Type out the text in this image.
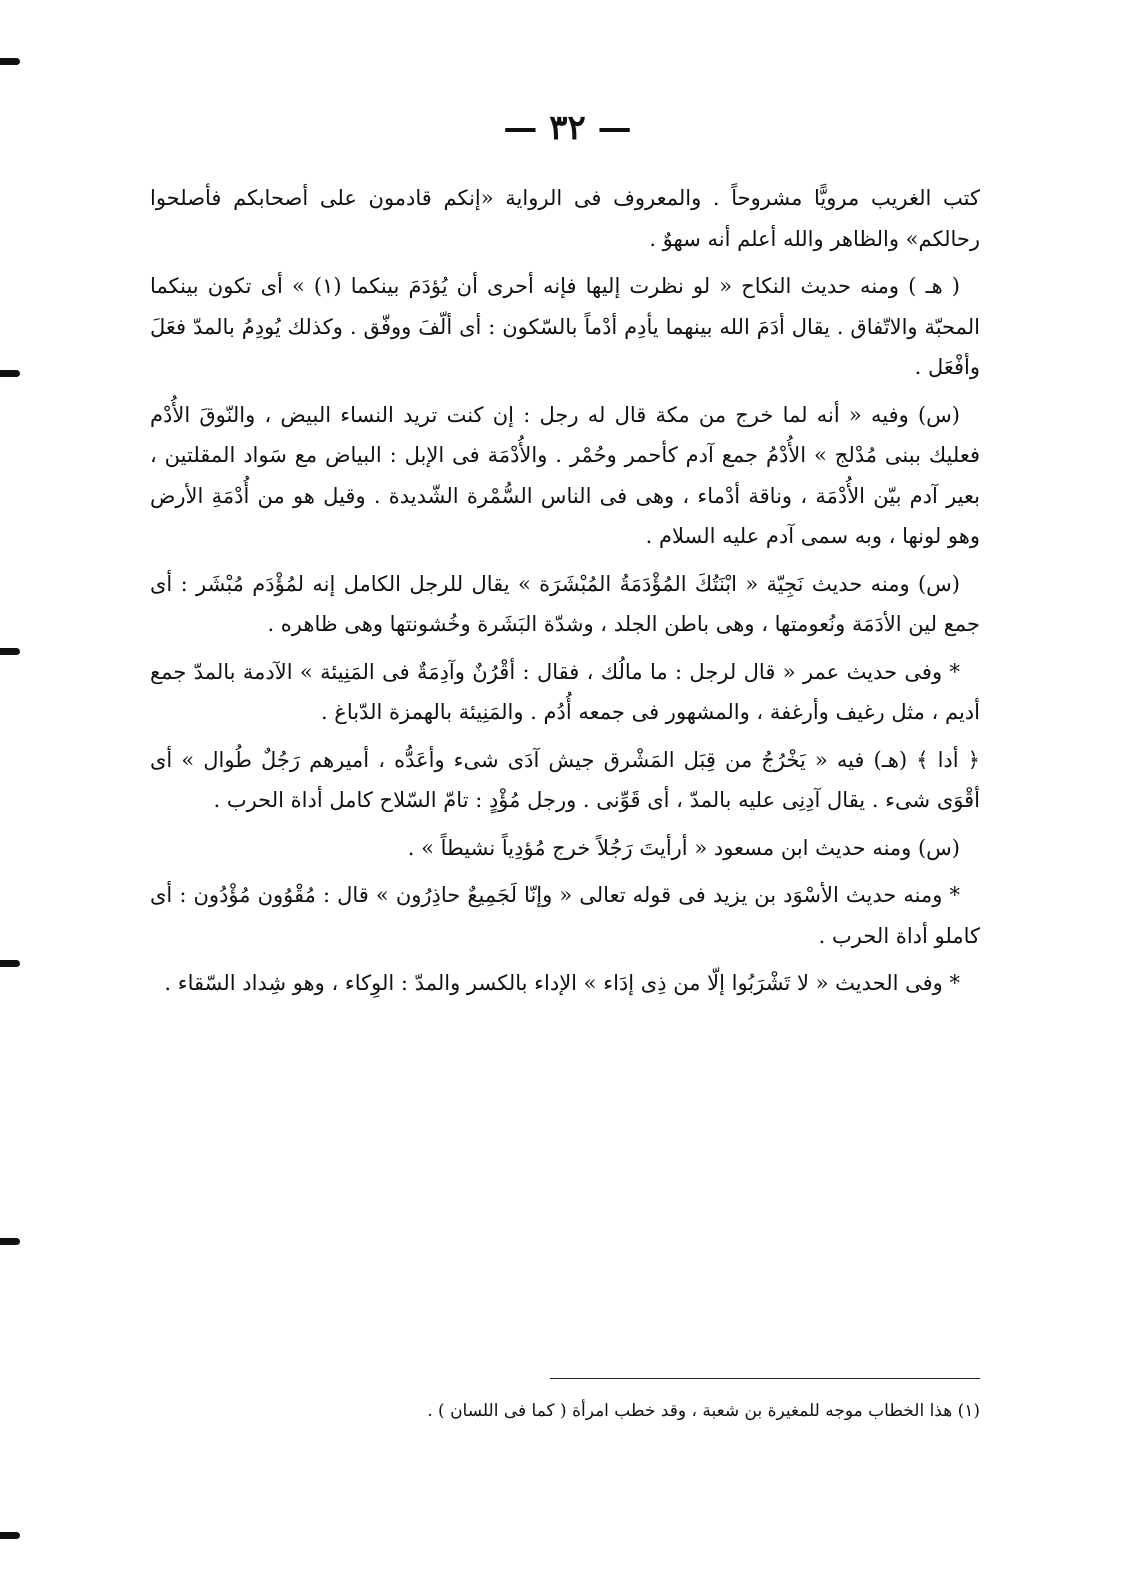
— ٣٢ —

كتب الغريب مرويًّا مشروحاً . والمعروف فى الرواية «إنكم قادمون على أصحابكم فأصلحوا رحالكم» والظاهر والله أعلم أنه سهوٌ .

( هـ ) ومنه حديث النكاح « لو نظرت إليها فإنه أحرى أن يُؤدَمَ بينكما (١) » أى تكون بينكما المحبّة والاتّفاق . يقال أدَمَ الله بينهما يأدِم أدْماً بالسّكون : أى ألّفَ ووفّق . وكذلك يُودِمُ بالمدّ فعَلَ وأفْعَل .

(س) وفيه « أنه لما خرج من مكة قال له رجل : إن كنت تريد النساء البيض ، والنّوقَ الأُدْم فعليك ببنى مُدْلج » الأُدْمُ جمع آدم كأحمر وحُمْر . والأُدْمَة فى الإبل : البياض مع سَواد المقلتين ، بعير آدم بيّن الأُدْمَة ، وناقة أدْماء ، وهى فى الناس السُّمْرة الشّديدة . وقيل هو من أُدْمَةِ الأرض وهو لونها ، وبه سمى آدم عليه السلام .

(س) ومنه حديث نَجِيّة « ابْنَتُكَ المُؤْدَمَةُ المُبْشَرَة » يقال للرجل الكامل إنه لمُؤْدَم مُبْشَر : أى جمع لين الأدَمَة ونُعومتها ، وهى باطن الجلد ، وشدّة البَشَرة وخُشونتها وهى ظاهره .

* وفى حديث عمر « قال لرجل : ما مالُك ، فقال : أقْرُنٌ وآدِمَةٌ فى المَنِيئة » الآدمة بالمدّ جمع أديم ، مثل رغيف وأرغفة ، والمشهور فى جمعه أُدُم . والمَنِيئة بالهمزة الدّباغ .

﴿ أدا ﴾ (هـ) فيه « يَخْرُجُ من قِبَل المَشْرق جيش آدَى شىء وأعَدُّه ، أميرهم رَجُلٌ طُوال » أى أقْوَى شىء . يقال آدِنِى عليه بالمدّ ، أى قَوِّنى . ورجل مُؤْدٍ : تامّ السّلاح كامل أداة الحرب .

(س) ومنه حديث ابن مسعود « أرأيتَ رَجُلاً خرج مُؤدِياً نشيطاً » .

* ومنه حديث الأسْوَد بن يزيد فى قوله تعالى « وإنّا لَجَمِيعٌ حاذِرُون » قال : مُقْوُون مُؤْدُون : أى كاملو أداة الحرب .

* وفى الحديث « لا تَشْرَبُوا إلّا من ذِى إدَاء » الإداء بالكسر والمدّ : الوِكاء ، وهو شِداد السّقاء .

(١) هذا الخطاب موجه للمغيرة بن شعبة ، وقد خطب امرأة ( كما فى اللسان ) .
